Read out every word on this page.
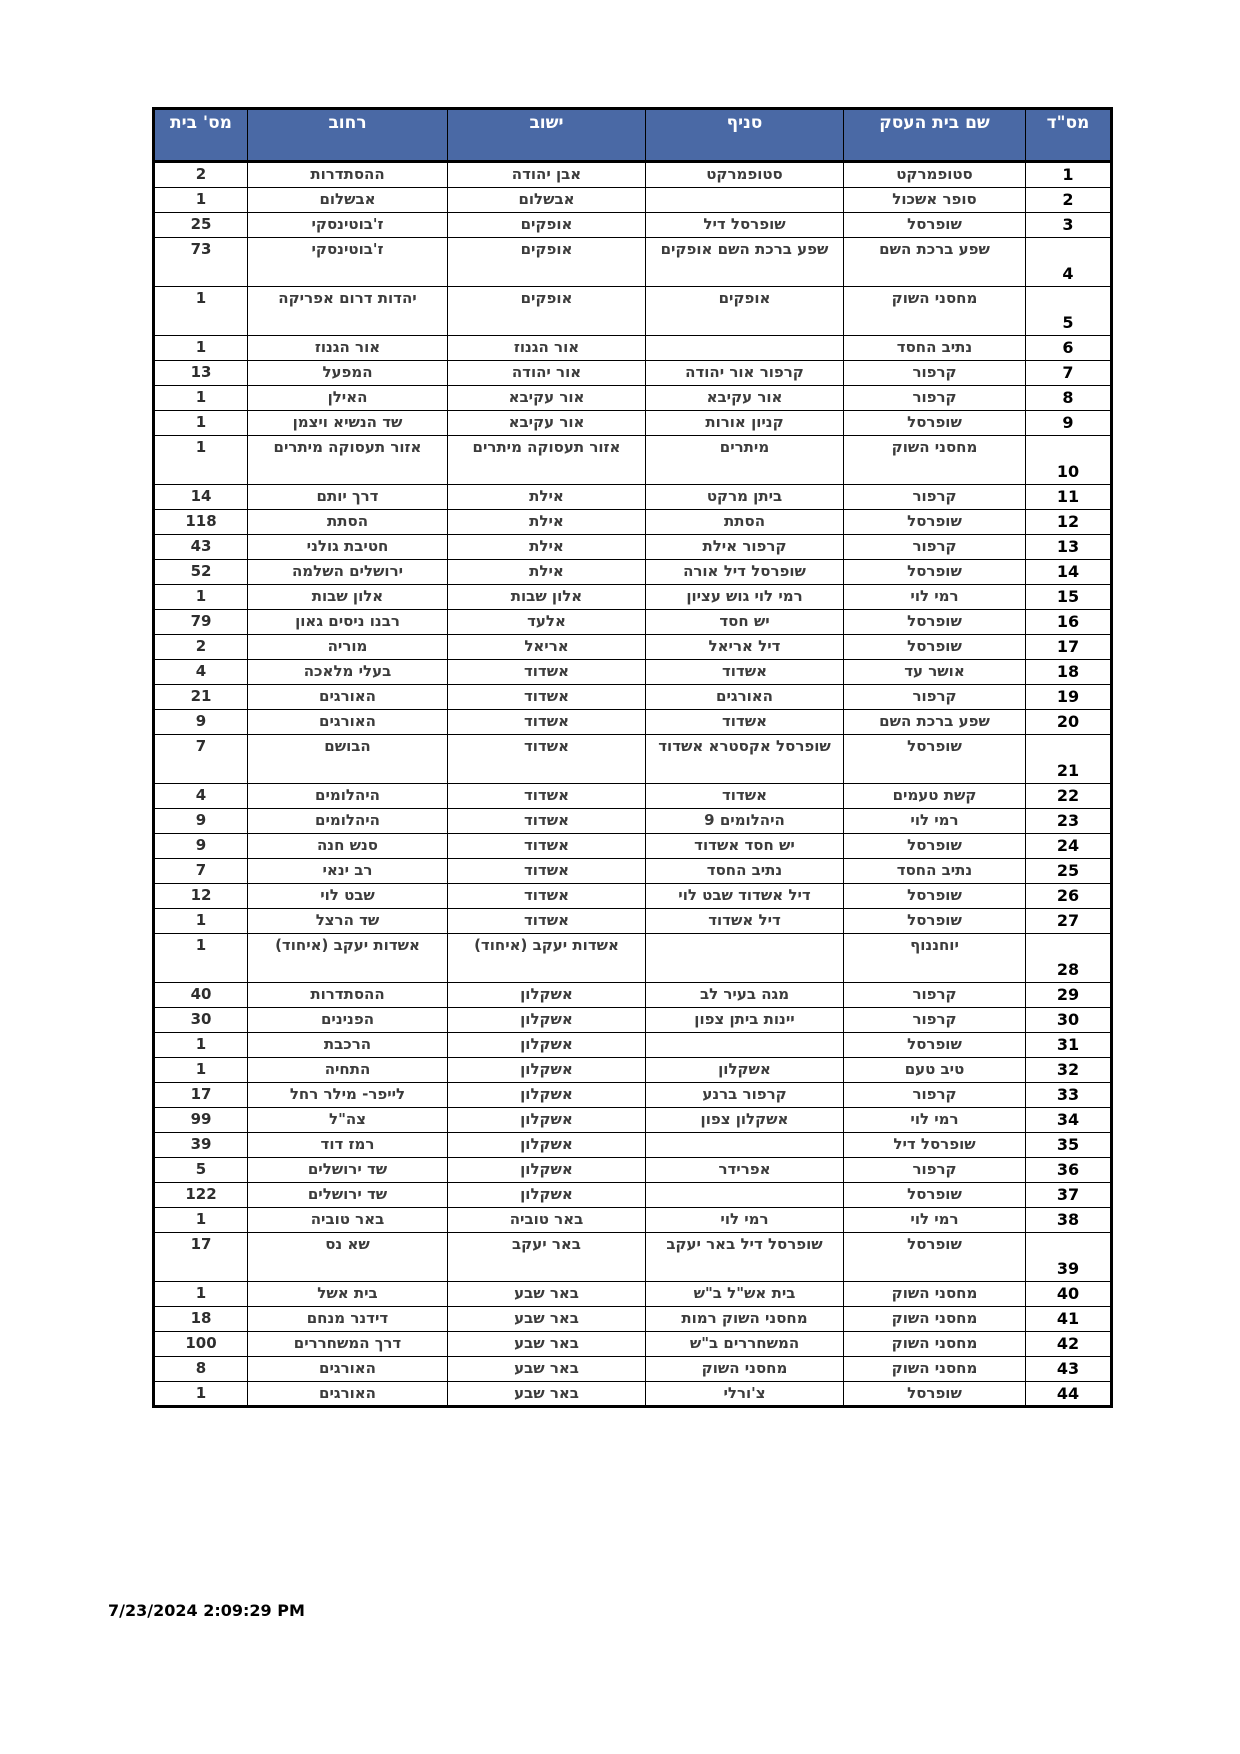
מס"ד	שם בית העסק	סניף	ישוב	רחוב	מס' בית
1	סטופמרקט	סטופמרקט	אבן יהודה	ההסתדרות	2
2	סופר אשכול		אבשלום	אבשלום	1
3	שופרסל	שופרסל דיל	אופקים	ז'בוטינסקי	25
4	שפע ברכת השם	שפע ברכת השם אופקים	אופקים	ז'בוטינסקי	73
5	מחסני השוק	אופקים	אופקים	יהדות דרום אפריקה	1
6	נתיב החסד		אור הגנוז	אור הגנוז	1
7	קרפור	קרפור אור יהודה	אור יהודה	המפעל	13
8	קרפור	אור עקיבא	אור עקיבא	האילן	1
9	שופרסל	קניון אורות	אור עקיבא	שד הנשיא ויצמן	1
10	מחסני השוק	מיתרים	אזור תעסוקה מיתרים	אזור תעסוקה מיתרים	1
11	קרפור	ביתן מרקט	אילת	דרך יותם	14
12	שופרסל	הסתת	אילת	הסתת	118
13	קרפור	קרפור אילת	אילת	חטיבת גולני	43
14	שופרסל	שופרסל דיל אורה	אילת	ירושלים השלמה	52
15	רמי לוי	רמי לוי גוש עציון	אלון שבות	אלון שבות	1
16	שופרסל	יש חסד	אלעד	רבנו ניסים גאון	79
17	שופרסל	דיל אריאל	אריאל	מוריה	2
18	אושר עד	אשדוד	אשדוד	בעלי מלאכה	4
19	קרפור	האורגים	אשדוד	האורגים	21
20	שפע ברכת השם	אשדוד	אשדוד	האורגים	9
21	שופרסל	שופרסל אקסטרא אשדוד	אשדוד	הבושם	7
22	קשת טעמים	אשדוד	אשדוד	היהלומים	4
23	רמי לוי	היהלומים 9	אשדוד	היהלומים	9
24	שופרסל	יש חסד אשדוד	אשדוד	סנש חנה	9
25	נתיב החסד	נתיב החסד	אשדוד	רב ינאי	7
26	שופרסל	דיל אשדוד שבט לוי	אשדוד	שבט לוי	12
27	שופרסל	דיל אשדוד	אשדוד	שד הרצל	1
28	יוחננוף		אשדות יעקב (איחוד)	אשדות יעקב (איחוד)	1
29	קרפור	מגה בעיר לב	אשקלון	ההסתדרות	40
30	קרפור	יינות ביתן צפון	אשקלון	הפנינים	30
31	שופרסל		אשקלון	הרכבת	1
32	טיב טעם	אשקלון	אשקלון	התחיה	1
33	קרפור	קרפור ברנע	אשקלון	לייפר- מילר רחל	17
34	רמי לוי	אשקלון צפון	אשקלון	צה"ל	99
35	שופרסל דיל		אשקלון	רמז דוד	39
36	קרפור	אפרידר	אשקלון	שד ירושלים	5
37	שופרסל		אשקלון	שד ירושלים	122
38	רמי לוי	רמי לוי	באר טוביה	באר טוביה	1
39	שופרסל	שופרסל דיל באר יעקב	באר יעקב	שא נס	17
40	מחסני השוק	בית אש"ל ב"ש	באר שבע	בית אשל	1
41	מחסני השוק	מחסני השוק רמות	באר שבע	דידנר מנחם	18
42	מחסני השוק	המשחררים ב"ש	באר שבע	דרך המשחררים	100
43	מחסני השוק	מחסני השוק	באר שבע	האורגים	8
44	שופרסל	צ'ורלי	באר שבע	האורגים	1
7/23/2024 2:09:29 PM
